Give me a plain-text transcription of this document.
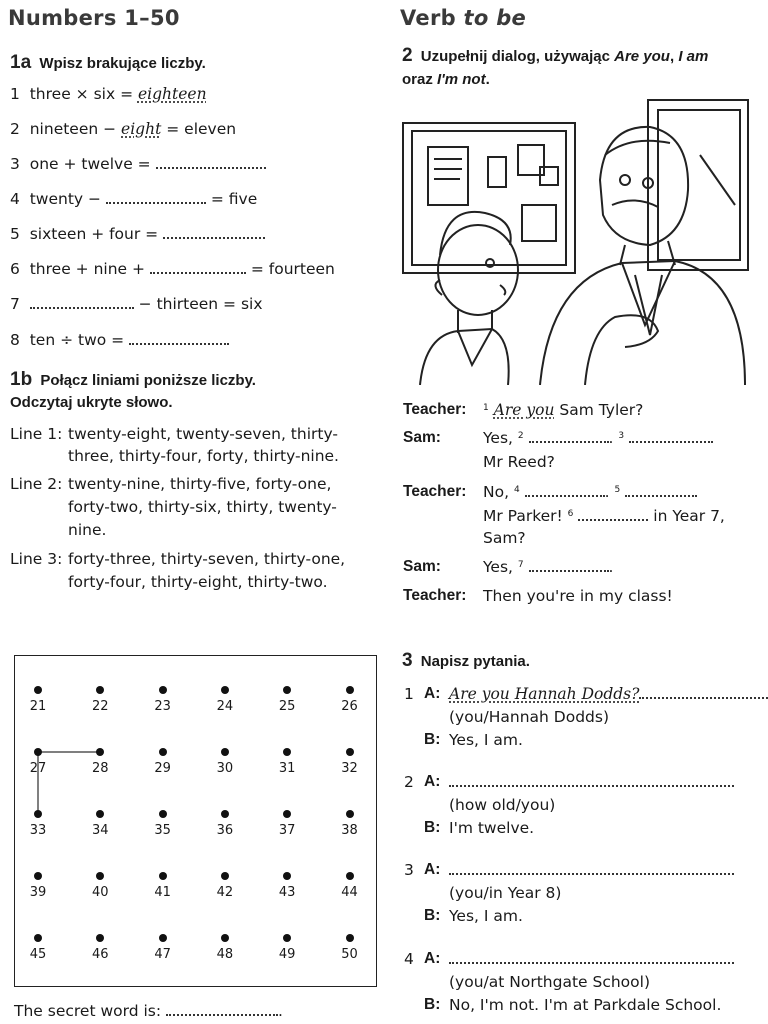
Numbers 1–50
1a Wpisz brakujące liczby.
1 three × six = eighteen
2 nineteen − eight = eleven
3 one + twelve =
4 twenty −	= five
5 sixteen + four =
6 three + nine +	= fourteen
7	− thirteen = six
8 ten ÷ two =
1b Połącz liniami poniższe liczby.
Odczytaj ukryte słowo.
Line 1: twenty-eight, twenty-seven, thirty-
three, thirty-four, forty, thirty-nine.
Line 2: twenty-nine, thirty-five, forty-one,
forty-two, thirty-six, thirty, twenty-
nine.
Line 3: forty-three, thirty-seven, thirty-one,
forty-four, thirty-eight, thirty-two.
21	22	23	24	25	26
27	28	29	30	31	32
33	34	35	36	37	38
39	40	41	42	43	44
45	46	47	48	49	50
The secret word is:	.
Verb to be
2 Uzupełnij dialog, używając Are you, I am
oraz I'm not.
Teacher: $^1$ Are you Sam Tyler?
Sam:	Yes, $^2$	. $^3$
Mr Reed?
Teacher: No, $^4$	. $^5$
Mr Parker! $^6$	in Year 7,
Sam?
Sam:	Yes, $^7$	.
Teacher: Then you're in my class!
3 Napisz pytania.
1 A: Are you Hannah Dodds?
(you/Hannah Dodds)
B: Yes, I am.
2 A:
(how old/you)
B: I'm twelve.
3 A:
(you/in Year 8)
B: Yes, I am.
4 A:
(you/at Northgate School)
B: No, I'm not. I'm at Parkdale School.
